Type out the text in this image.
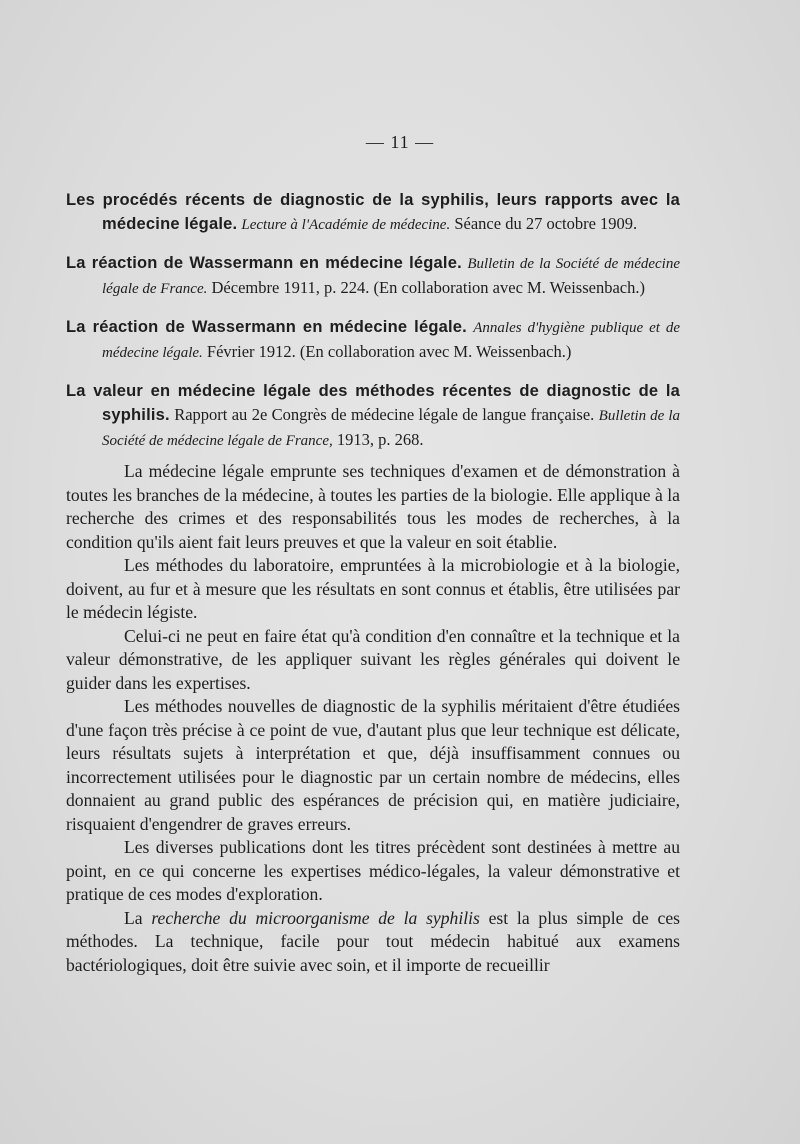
— 11 —
Les procédés récents de diagnostic de la syphilis, leurs rapports avec la médecine légale. Lecture à l'Académie de médecine. Séance du 27 octobre 1909.
La réaction de Wassermann en médecine légale. Bulletin de la Société de médecine légale de France. Décembre 1911, p. 224. (En collaboration avec M. Weissenbach.)
La réaction de Wassermann en médecine légale. Annales d'hygiène publique et de médecine légale. Février 1912. (En collaboration avec M. Weissenbach.)
La valeur en médecine légale des méthodes récentes de diagnostic de la syphilis. Rapport au 2e Congrès de médecine légale de langue française. Bulletin de la Société de médecine légale de France, 1913, p. 268.

La médecine légale emprunte ses techniques d'examen et de démonstration à toutes les branches de la médecine, à toutes les parties de la biologie. Elle applique à la recherche des crimes et des responsabilités tous les modes de recherches, à la condition qu'ils aient fait leurs preuves et que la valeur en soit établie.

Les méthodes du laboratoire, empruntées à la microbiologie et à la biologie, doivent, au fur et à mesure que les résultats en sont connus et établis, être utilisées par le médecin légiste.

Celui-ci ne peut en faire état qu'à condition d'en connaître et la technique et la valeur démonstrative, de les appliquer suivant les règles générales qui doivent le guider dans les expertises.

Les méthodes nouvelles de diagnostic de la syphilis méritaient d'être étudiées d'une façon très précise à ce point de vue, d'autant plus que leur technique est délicate, leurs résultats sujets à interprétation et que, déjà insuffisamment connues ou incorrectement utilisées pour le diagnostic par un certain nombre de médecins, elles donnaient au grand public des espérances de précision qui, en matière judiciaire, risquaient d'engendrer de graves erreurs.

Les diverses publications dont les titres précèdent sont destinées à mettre au point, en ce qui concerne les expertises médico-légales, la valeur démonstrative et pratique de ces modes d'exploration.

La recherche du microorganisme de la syphilis est la plus simple de ces méthodes. La technique, facile pour tout médecin habitué aux examens bactériologiques, doit être suivie avec soin, et il importe de recueillir
